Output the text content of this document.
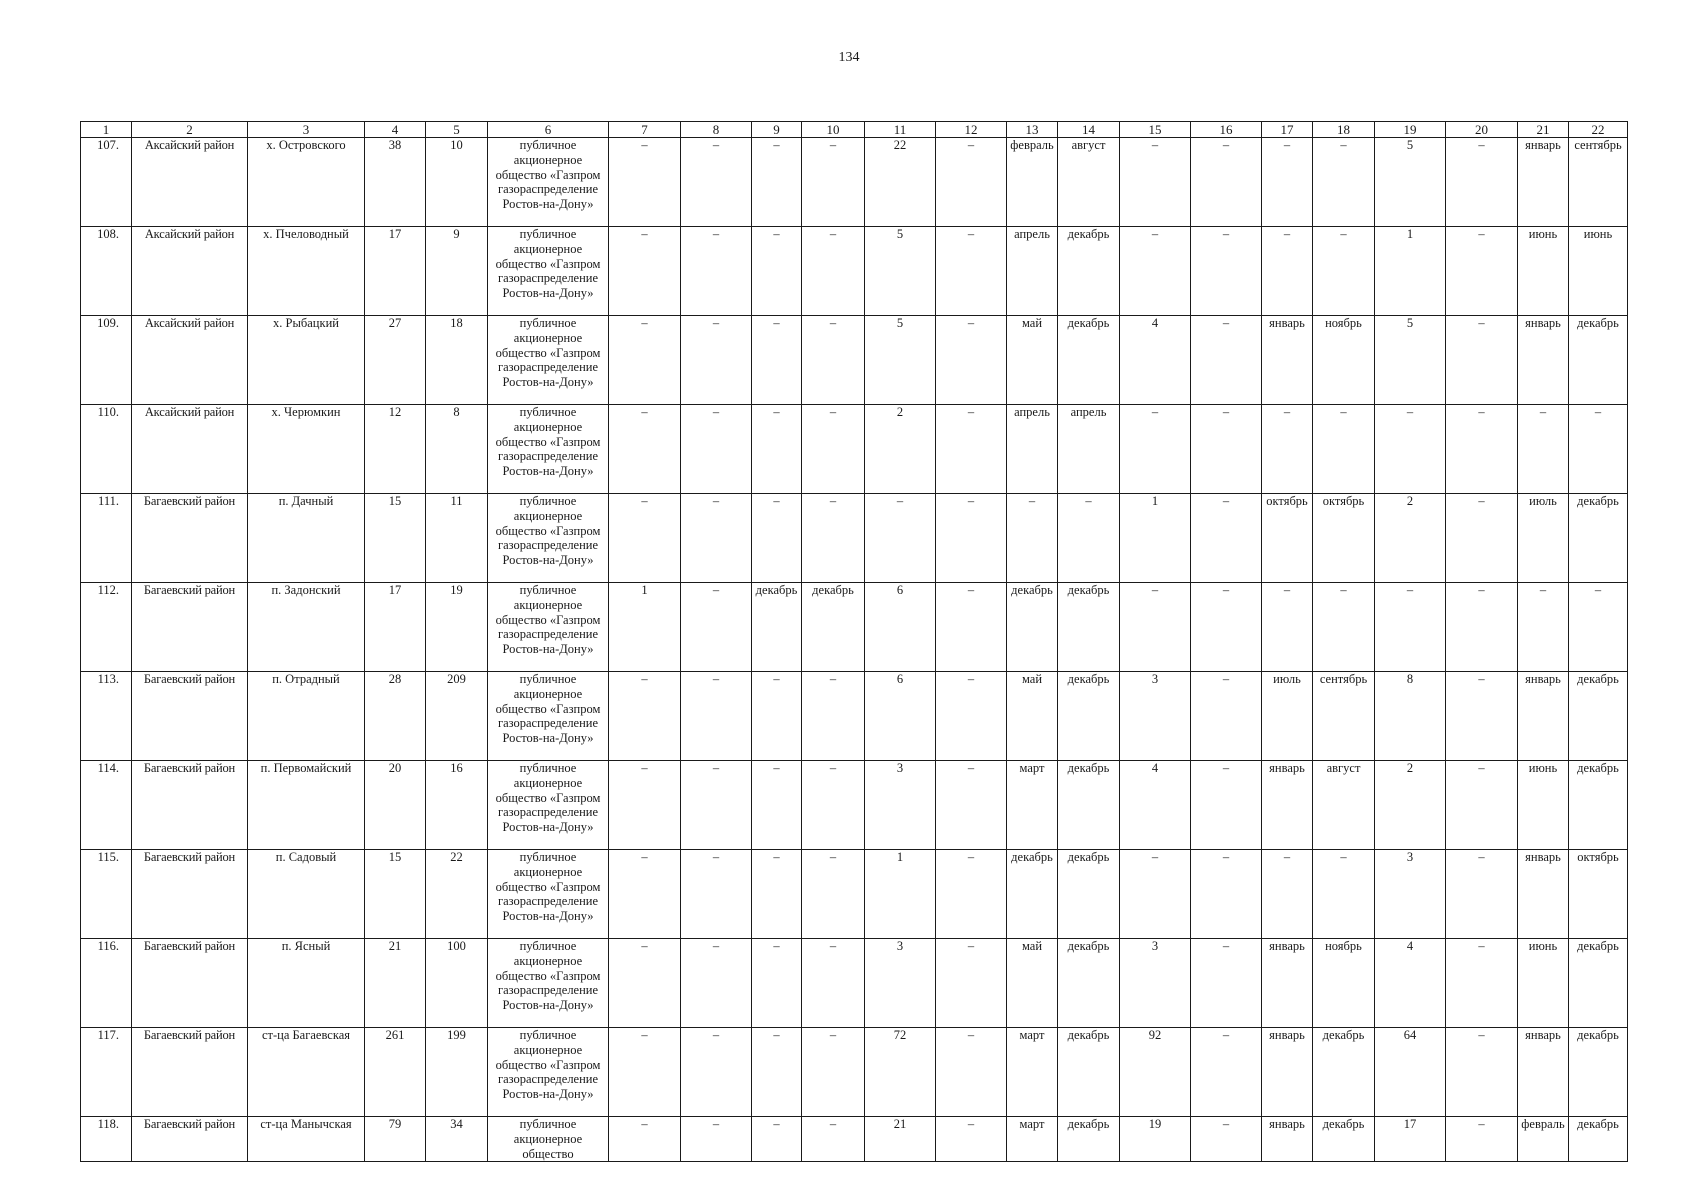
134
1	2	3	4	5	6	7	8	9	10	11	12	13	14	15	16	17	18	19	20	21	22
107.	Аксайский район	х. Островского	38	10	публичное акционерное общество «Газпром газораспределение Ростов-на-Дону»	–	–	–	–	22	–	февраль	август	–	–	–	–	5	–	январь	сентябрь
108.	Аксайский район	х. Пчеловодный	17	9	публичное акционерное общество «Газпром газораспределение Ростов-на-Дону»	–	–	–	–	5	–	апрель	декабрь	–	–	–	–	1	–	июнь	июнь
109.	Аксайский район	х. Рыбацкий	27	18	публичное акционерное общество «Газпром газораспределение Ростов-на-Дону»	–	–	–	–	5	–	май	декабрь	4	–	январь	ноябрь	5	–	январь	декабрь
110.	Аксайский район	х. Черюмкин	12	8	публичное акционерное общество «Газпром газораспределение Ростов-на-Дону»	–	–	–	–	2	–	апрель	апрель	–	–	–	–	–	–	–	–
111.	Багаевский район	п. Дачный	15	11	публичное акционерное общество «Газпром газораспределение Ростов-на-Дону»	–	–	–	–	–	–	–	–	1	–	октябрь	октябрь	2	–	июль	декабрь
112.	Багаевский район	п. Задонский	17	19	публичное акционерное общество «Газпром газораспределение Ростов-на-Дону»	1	–	декабрь	декабрь	6	–	декабрь	декабрь	–	–	–	–	–	–	–	–
113.	Багаевский район	п. Отрадный	28	209	публичное акционерное общество «Газпром газораспределение Ростов-на-Дону»	–	–	–	–	6	–	май	декабрь	3	–	июль	сентябрь	8	–	январь	декабрь
114.	Багаевский район	п. Первомайский	20	16	публичное акционерное общество «Газпром газораспределение Ростов-на-Дону»	–	–	–	–	3	–	март	декабрь	4	–	январь	август	2	–	июнь	декабрь
115.	Багаевский район	п. Садовый	15	22	публичное акционерное общество «Газпром газораспределение Ростов-на-Дону»	–	–	–	–	1	–	декабрь	декабрь	–	–	–	–	3	–	январь	октябрь
116.	Багаевский район	п. Ясный	21	100	публичное акционерное общество «Газпром газораспределение Ростов-на-Дону»	–	–	–	–	3	–	май	декабрь	3	–	январь	ноябрь	4	–	июнь	декабрь
117.	Багаевский район	ст-ца Багаевская	261	199	публичное акционерное общество «Газпром газораспределение Ростов-на-Дону»	–	–	–	–	72	–	март	декабрь	92	–	январь	декабрь	64	–	январь	декабрь
118.	Багаевский район	ст-ца Манычская	79	34	публичное акционерное общество	–	–	–	–	21	–	март	декабрь	19	–	январь	декабрь	17	–	февраль	декабрь
